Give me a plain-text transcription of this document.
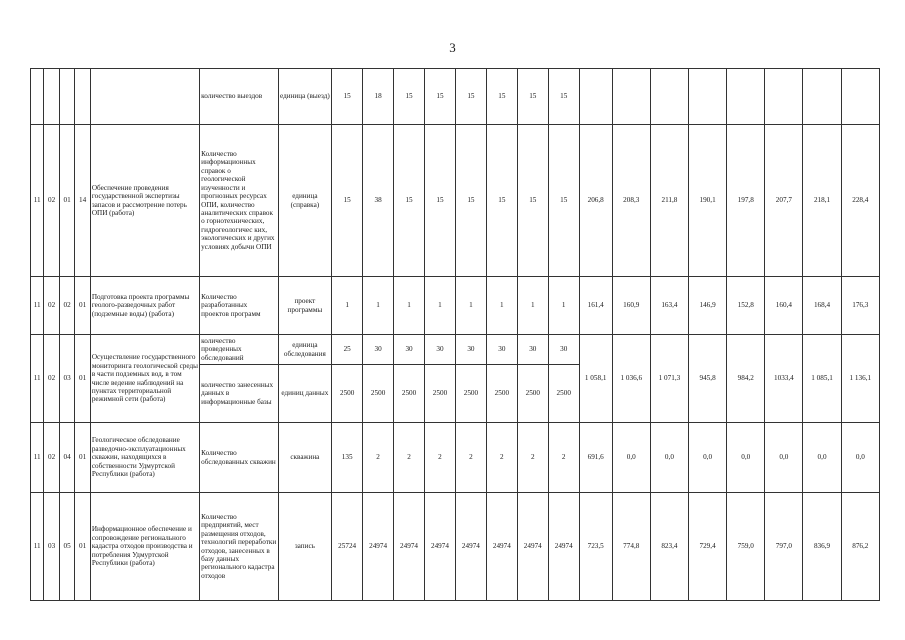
3
					количество выездов	единица (выезд)	15	18	15	15	15	15	15	15								
11	02	01	14	Обеспечение проведения государственной экспертизы запасов и рассмотрение потерь ОПИ (работа)	Количество информационных справок о геологической изученности и прогнозных ресурсах ОПИ, количество аналитических справок о горнотехнических, гидрогеологичес ких, экологических и других условиях добычи ОПИ	единица (справка)	15	38	15	15	15	15	15	15	206,8	208,3	211,8	190,1	197,8	207,7	218,1	228,4
11	02	02	01	Подготовка проекта программы геолого-разведочных работ (подземные воды) (работа)	Количество разработанных проектов программ	проект программы	1	1	1	1	1	1	1	1	161,4	160,9	163,4	146,9	152,8	160,4	168,4	176,3
11	02	03	01	Осуществление государственного мониторинга геологической среды в части подземных вод, в том числе ведение наблюдений на пунктах территориальной режимной сети (работа)	количество проведенных обследований	единица обследования	25	30	30	30	30	30	30	30	1 058,1	1 036,6	1 071,3	945,8	984,2	1033,4	1 085,1	1 136,1
					количество занесенных данных в информационные базы	единиц данных	2500	2500	2500	2500	2500	2500	2500	2500								
11	02	04	01	Геологическое обследование разведочно-эксплуатационных скважин, находящихся в собственности Удмуртской Республики (работа)	Количество обследованных скважин	скважина	135	2	2	2	2	2	2	2	691,6	0,0	0,0	0,0	0,0	0,0	0,0	0,0
11	03	05	01	Информационное обеспечение и сопровождение регионального кадастра отходов производства и потребления Удмуртской Республики (работа)	Количество предприятий, мест размещения отходов, технологий переработки отходов, занесенных в базу данных регионального кадастра отходов	запись	25724	24974	24974	24974	24974	24974	24974	24974	723,5	774,8	823,4	729,4	759,0	797,0	836,9	876,2
